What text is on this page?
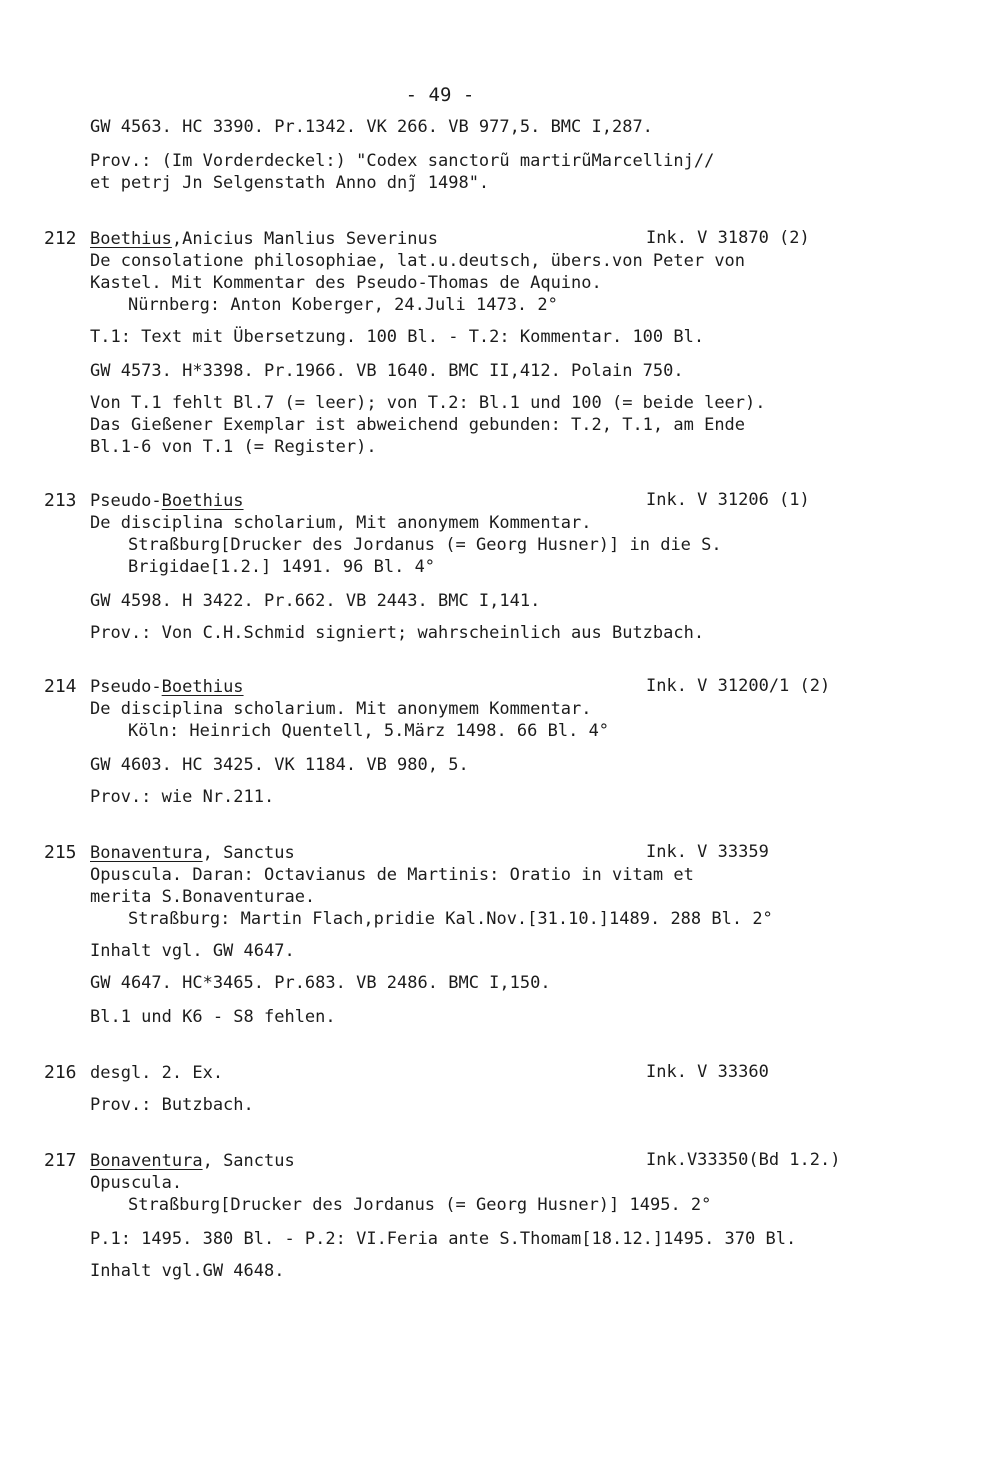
- 49 -
GW 4563. HC 3390. Pr.1342. VK 266. VB 977,5. BMC I,287.
Prov.: (Im Vorderdeckel:) "Codex sanctorũ martirũMarcellinj//
et petrj Jn Selgenstath Anno dnj̃ 1498".
212 Boethius,Anicius Manlius Severinus	Ink. V 31870 (2)
De consolatione philosophiae, lat.u.deutsch, übers.von Peter von
Kastel. Mit Kommentar des Pseudo-Thomas de Aquino.
Nürnberg: Anton Koberger, 24.Juli 1473. 2°
T.1: Text mit Übersetzung. 100 Bl. - T.2: Kommentar. 100 Bl.
GW 4573. H*3398. Pr.1966. VB 1640. BMC II,412. Polain 750.
Von T.1 fehlt Bl.7 (= leer); von T.2: Bl.1 und 100 (= beide leer).
Das Gießener Exemplar ist abweichend gebunden: T.2, T.1, am Ende
Bl.1-6 von T.1 (= Register).
213 Pseudo-Boethius	Ink. V 31206 (1)
De disciplina scholarium, Mit anonymem Kommentar.
Straßburg[Drucker des Jordanus (= Georg Husner)] in die S.
Brigidae[1.2.] 1491. 96 Bl. 4°
GW 4598. H 3422. Pr.662. VB 2443. BMC I,141.
Prov.: Von C.H.Schmid signiert; wahrscheinlich aus Butzbach.
214 Pseudo-Boethius	Ink. V 31200/1 (2)
De disciplina scholarium. Mit anonymem Kommentar.
Köln: Heinrich Quentell, 5.März 1498. 66 Bl. 4°
GW 4603. HC 3425. VK 1184. VB 980, 5.
Prov.: wie Nr.211.
215 Bonaventura, Sanctus	Ink. V 33359
Opuscula. Daran: Octavianus de Martinis: Oratio in vitam et
merita S.Bonaventurae.
Straßburg: Martin Flach,pridie Kal.Nov.[31.10.]1489. 288 Bl. 2°
Inhalt vgl. GW 4647.
GW 4647. HC*3465. Pr.683. VB 2486. BMC I,150.
Bl.1 und K6 - S8 fehlen.
216 desgl. 2. Ex.	Ink. V 33360
Prov.: Butzbach.
217 Bonaventura, Sanctus	Ink.V33350(Bd 1.2.)
Opuscula.
Straßburg[Drucker des Jordanus (= Georg Husner)] 1495. 2°
P.1: 1495. 380 Bl. - P.2: VI.Feria ante S.Thomam[18.12.]1495. 370 Bl.
Inhalt vgl.GW 4648.
